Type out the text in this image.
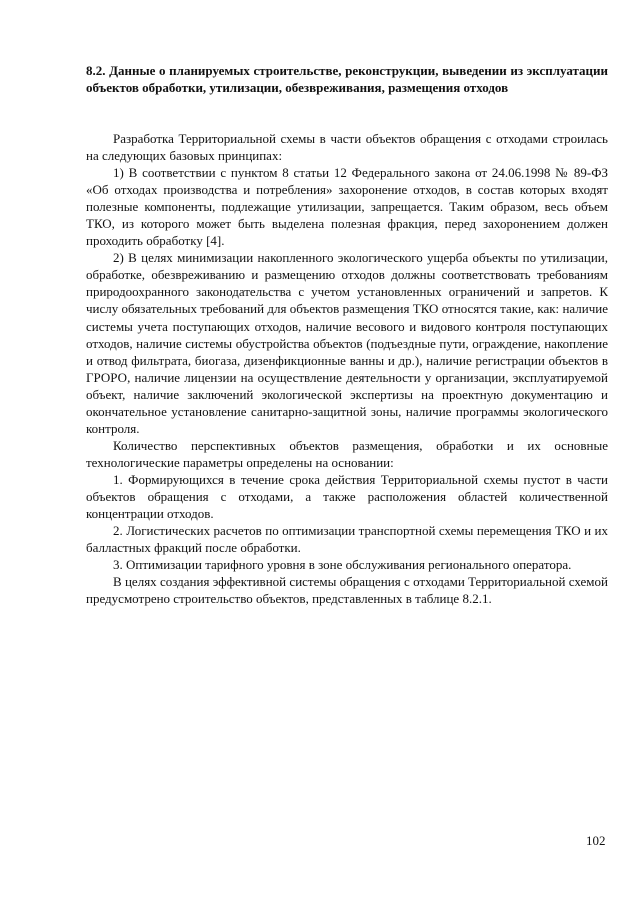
8.2. Данные о планируемых строительстве, реконструкции, выведении из эксплуатации объектов обработки, утилизации, обезвреживания, размещения отходов

Разработка Территориальной схемы в части объектов обращения с отходами строилась на следующих базовых принципах:

1) В соответствии с пунктом 8 статьи 12 Федерального закона от 24.06.1998 № 89-ФЗ «Об отходах производства и потребления» захоронение отходов, в состав которых входят полезные компоненты, подлежащие утилизации, запрещается. Таким образом, весь объем ТКО, из которого может быть выделена полезная фракция, перед захоронением должен проходить обработку [4].

2) В целях минимизации накопленного экологического ущерба объекты по утилизации, обработке, обезвреживанию и размещению отходов должны соответствовать требованиям природоохранного законодательства с учетом установленных ограничений и запретов. К числу обязательных требований для объектов размещения ТКО относятся такие, как: наличие системы учета поступающих отходов, наличие весового и видового контроля поступающих отходов, наличие системы обустройства объектов (подъездные пути, ограждение, накопление и отвод фильтрата, биогаза, дизенфикционные ванны и др.), наличие регистрации объектов в ГРОРО, наличие лицензии на осуществление деятельности у организации, эксплуатируемой объект, наличие заключений экологической экспертизы на проектную документацию и окончательное установление санитарно-защитной зоны, наличие программы экологического контроля.

Количество перспективных объектов размещения, обработки и их основные технологические параметры определены на основании:

1. Формирующихся в течение срока действия Территориальной схемы пустот в части объектов обращения с отходами, а также расположения областей количественной концентрации отходов.

2. Логистических расчетов по оптимизации транспортной схемы перемещения ТКО и их балластных фракций после обработки.

3. Оптимизации тарифного уровня в зоне обслуживания регионального оператора.

В целях создания эффективной системы обращения с отходами Территориальной схемой предусмотрено строительство объектов, представленных в таблице 8.2.1.

102
